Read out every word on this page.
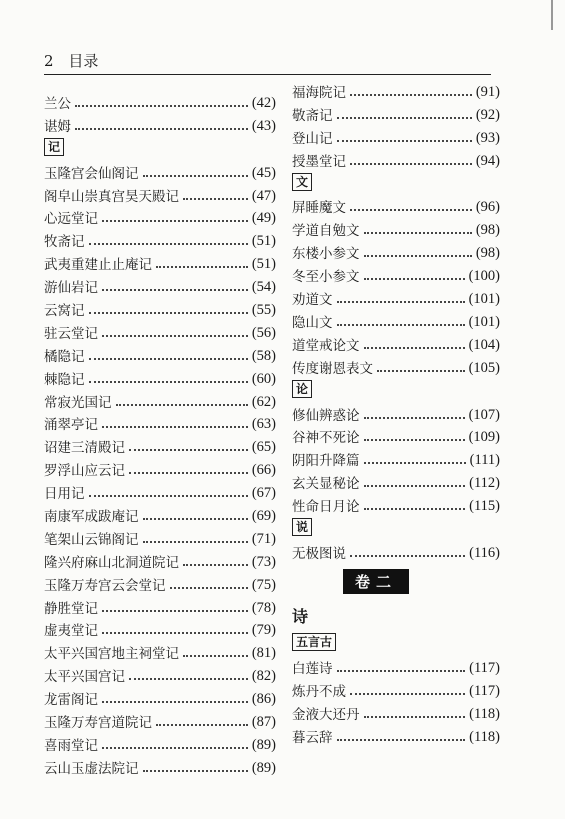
2 目录
兰公	(42)
谌姆	(43)
记
玉隆宫会仙阁记	(45)
阁皁山崇真宫昊天殿记	(47)
心远堂记	(49)
牧斋记	(51)
武夷重建止止庵记	(51)
游仙岩记	(54)
云窝记	(55)
驻云堂记	(56)
橘隐记	(58)
棘隐记	(60)
常寂光国记	(62)
涌翠亭记	(63)
诏建三清殿记	(65)
罗浮山应云记	(66)
日用记	(67)
南康军成跋庵记	(69)
笔架山云锦阁记	(71)
隆兴府麻山北洞道院记	(73)
玉隆万寿宫云会堂记	(75)
静胜堂记	(78)
虚夷堂记	(79)
太平兴国宫地主祠堂记	(81)
太平兴国宫记	(82)
龙雷阁记	(86)
玉隆万寿宫道院记	(87)
喜雨堂记	(89)
云山玉虚法院记	(89)
福海院记	(91)
敬斋记	(92)
登山记	(93)
授墨堂记	(94)
文
屏睡魔文	(96)
学道自勉文	(98)
东楼小参文	(98)
冬至小参文	(100)
劝道文	(101)
隐山文	(101)
道堂戒论文	(104)
传度谢恩表文	(105)
论
修仙辨惑论	(107)
谷神不死论	(109)
阴阳升降篇	(111)
玄关显秘论	(112)
性命日月论	(115)
说
无极图说	(116)
卷二
诗
五言古
白莲诗	(117)
炼丹不成	(117)
金液大还丹	(118)
暮云辞	(118)
